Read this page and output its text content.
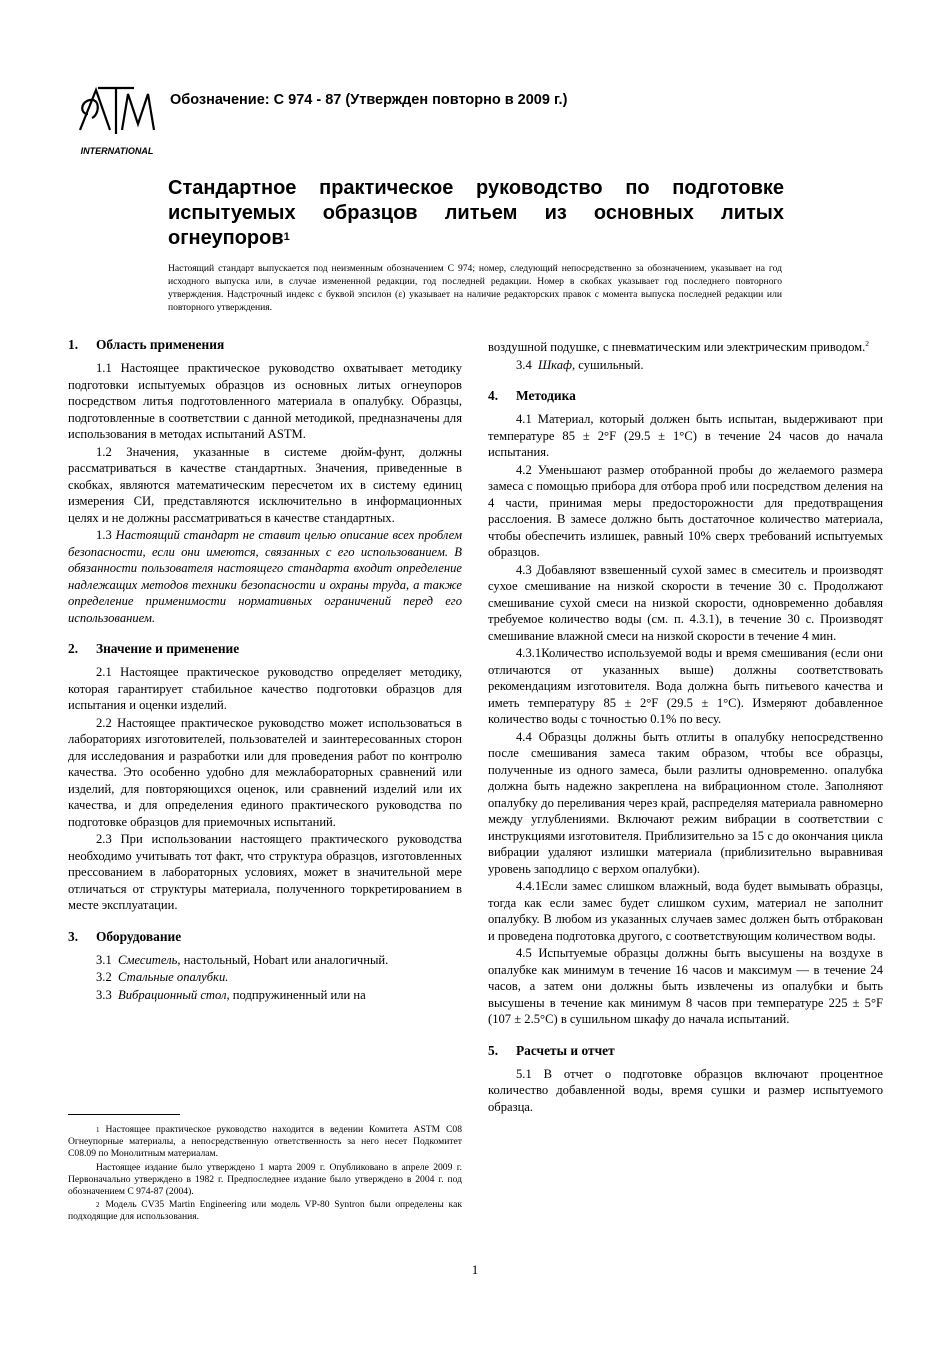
INTERNATIONAL
Обозначение: C 974 - 87 (Утвержден повторно в 2009 г.)
Стандартное практическое руководство по подготовке испытуемых образцов литьем из основных литых огнеупоров$^1$
Настоящий стандарт выпускается под неизменным обозначением C 974; номер, следующий непосредственно за обозначением, указывает на год исходного выпуска или, в случае измененной редакции, год последней редакции. Номер в скобках указывает год последнего повторного утверждения. Надстрочный индекс с буквой эпсилон (ε) указывает на наличие редакторских правок с момента выпуска последней редакции или повторного утверждения.
1. Область применения

1.1 Настоящее практическое руководство охватывает методику подготовки испытуемых образцов из основных литых огнеупоров посредством литья подготовленного материала в опалубку. Образцы, подготовленные в соответствии с данной методикой, предназначены для использования в методах испытаний ASTM.

1.2 Значения, указанные в системе дюйм-фунт, должны рассматриваться в качестве стандартных. Значения, приведенные в скобках, являются математическим пересчетом их в систему единиц измерения СИ, представляются исключительно в информационных целях и не должны рассматриваться в качестве стандартных.

1.3 Настоящий стандарт не ставит целью описание всех проблем безопасности, если они имеются, связанных с его использованием. В обязанности пользователя настоящего стандарта входит определение надлежащих методов техники безопасности и охраны труда, а также определение применимости нормативных ограничений перед его использованием.

2. Значение и применение

2.1 Настоящее практическое руководство определяет методику, которая гарантирует стабильное качество подготовки образцов для испытания и оценки изделий.

2.2 Настоящее практическое руководство может использоваться в лабораториях изготовителей, пользователей и заинтересованных сторон для исследования и разработки или для проведения работ по контролю качества. Это особенно удобно для межлабораторных сравнений или изделий, для повторяющихся оценок, или сравнений изделий или их качества, и для определения единого практического руководства по подготовке образцов для приемочных испытаний.

2.3 При использовании настоящего практического руководства необходимо учитывать тот факт, что структура образцов, изготовленных прессованием в лабораторных условиях, может в значительной мере отличаться от структуры материала, полученного торкретированием в месте эксплуатации.

3. Оборудование

3.1 Смеситель, настольный, Hobart или аналогичный.

3.2 Стальные опалубки.

3.3 Вибрационный стол, подпружиненный или на

$^1$ Настоящее практическое руководство находится в ведении Комитета ASTM C08 Огнеупорные материалы, а непосредственную ответственность за него несет Подкомитет C08.09 по Монолитным материалам.

Настоящее издание было утверждено 1 марта 2009 г. Опубликовано в апреле 2009 г. Первоначально утверждено в 1982 г. Предпоследнее издание было утверждено в 2004 г. под обозначением C 974-87 (2004).

$^2$ Модель CV35 Martin Engineering или модель VP-80 Syntron были определены как подходящие для использования.

воздушной подушке, с пневматическим или электрическим приводом.$^2$

3.4 Шкаф, сушильный.

4. Методика

4.1 Материал, который должен быть испытан, выдерживают при температуре 85 ± 2°F (29.5 ± 1°C) в течение 24 часов до начала испытания.

4.2 Уменьшают размер отобранной пробы до желаемого размера замеса с помощью прибора для отбора проб или посредством деления на 4 части, принимая меры предосторожности для предотвращения расслоения. В замесе должно быть достаточное количество материала, чтобы обеспечить излишек, равный 10% сверх требований испытуемых образцов.

4.3 Добавляют взвешенный сухой замес в смеситель и производят сухое смешивание на низкой скорости в течение 30 с. Продолжают смешивание сухой смеси на низкой скорости, одновременно добавляя требуемое количество воды (см. п. 4.3.1), в течение 30 с. Производят смешивание влажной смеси на низкой скорости в течение 4 мин.

4.3.1Количество используемой воды и время смешивания (если они отличаются от указанных выше) должны соответствовать рекомендациям изготовителя. Вода должна быть питьевого качества и иметь температуру 85 ± 2°F (29.5 ± 1°C). Измеряют добавленное количество воды с точностью 0.1% по весу.

4.4 Образцы должны быть отлиты в опалубку непосредственно после смешивания замеса таким образом, чтобы все образцы, полученные из одного замеса, были разлиты одновременно. опалубка должна быть надежно закреплена на вибрационном столе. Заполняют опалубку до переливания через край, распределяя материала равномерно между углублениями. Включают режим вибрации в соответствии с инструкциями изготовителя. Приблизительно за 15 с до окончания цикла вибрации удаляют излишки материала (приблизительно выравнивая уровень заподлицо с верхом опалубки).

4.4.1Если замес слишком влажный, вода будет вымывать образцы, тогда как если замес будет слишком сухим, материал не заполнит опалубку. В любом из указанных случаев замес должен быть отбракован и проведена подготовка другого, с соответствующим количеством воды.

4.5 Испытуемые образцы должны быть высушены на воздухе в опалубке как минимум в течение 16 часов и максимум — в течение 24 часов, а затем они должны быть извлечены из опалубки и быть высушены в течение как минимум 8 часов при температуре 225 ± 5°F (107 ± 2.5°C) в сушильном шкафу до начала испытаний.

5. Расчеты и отчет

5.1 В отчет о подготовке образцов включают процентное количество добавленной воды, время сушки и размер испытуемого образца.

1
